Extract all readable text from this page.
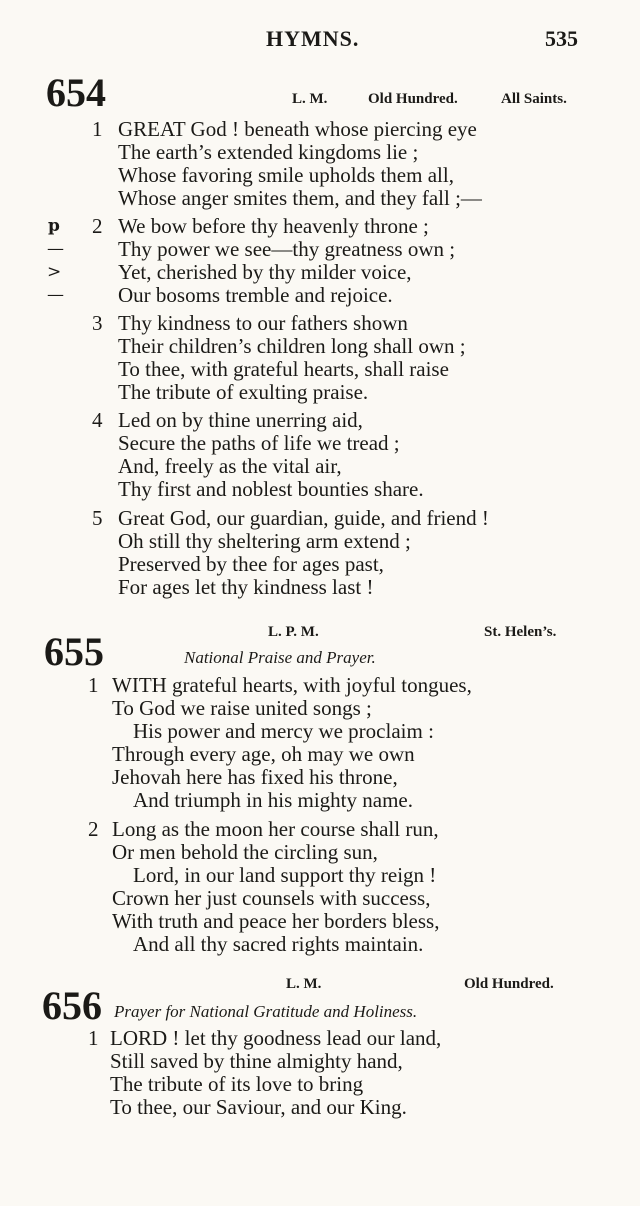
HYMNS.	535
654	L. M.	Old Hundred.	All Saints.
1 GREAT God ! beneath whose piercing eye
The earth’s extended kingdoms lie ;
Whose favoring smile upholds them all,
Whose anger smites them, and they fall ;—
p
—
>
—
2 We bow before thy heavenly throne ;
Thy power we see—thy greatness own ;
Yet, cherished by thy milder voice,
Our bosoms tremble and rejoice.
3 Thy kindness to our fathers shown
Their children’s children long shall own ;
To thee, with grateful hearts, shall raise
The tribute of exulting praise.
4 Led on by thine unerring aid,
Secure the paths of life we tread ;
And, freely as the vital air,
Thy first and noblest bounties share.
5 Great God, our guardian, guide, and friend !
Oh still thy sheltering arm extend ;
Preserved by thee for ages past,
For ages let thy kindness last !
L. P. M.	St. Helen’s.
655	National Praise and Prayer.
1 WITH grateful hearts, with joyful tongues,
To God we raise united songs ;
His power and mercy we proclaim :
Through every age, oh may we own
Jehovah here has fixed his throne,
And triumph in his mighty name.
2 Long as the moon her course shall run,
Or men behold the circling sun,
Lord, in our land support thy reign !
Crown her just counsels with success,
With truth and peace her borders bless,
And all thy sacred rights maintain.
L. M.	Old Hundred.
656 Prayer for National Gratitude and Holiness.
1 LORD ! let thy goodness lead our land,
Still saved by thine almighty hand,
The tribute of its love to bring
To thee, our Saviour, and our King.
